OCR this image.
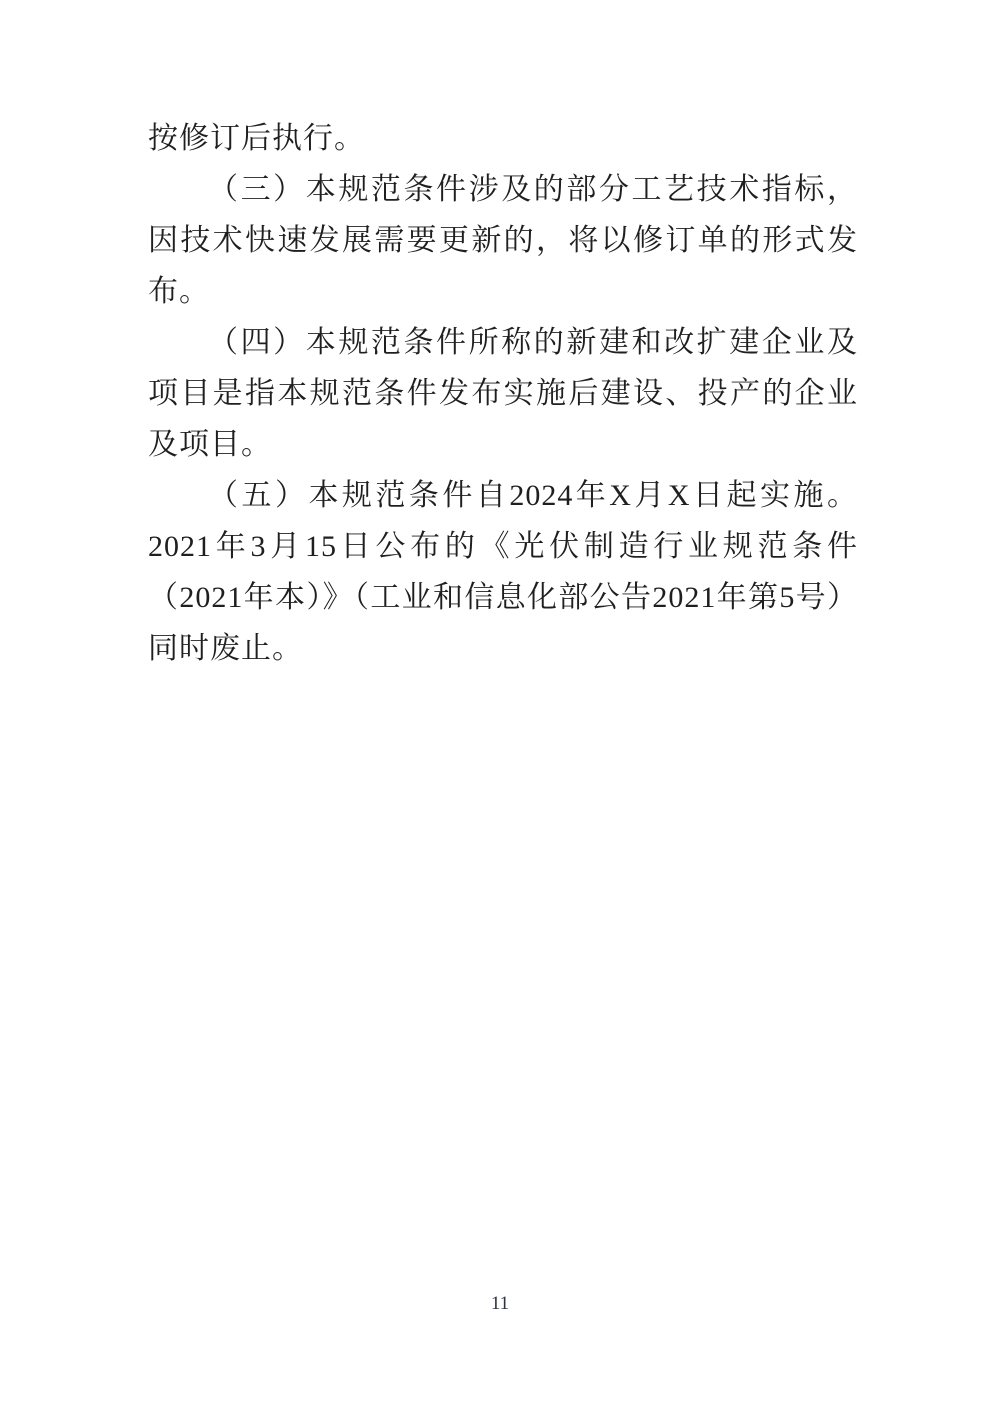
按修订后执行。

（三）本规范条件涉及的部分工艺技术指标，因技术快速发展需要更新的，将以修订单的形式发布。

（四）本规范条件所称的新建和改扩建企业及项目是指本规范条件发布实施后建设、投产的企业及项目。

（五）本规范条件自2024年X月X日起实施。2021年3月15日公布的《光伏制造行业规范条件（2021年本）》（工业和信息化部公告2021年第5号）同时废止。

11
